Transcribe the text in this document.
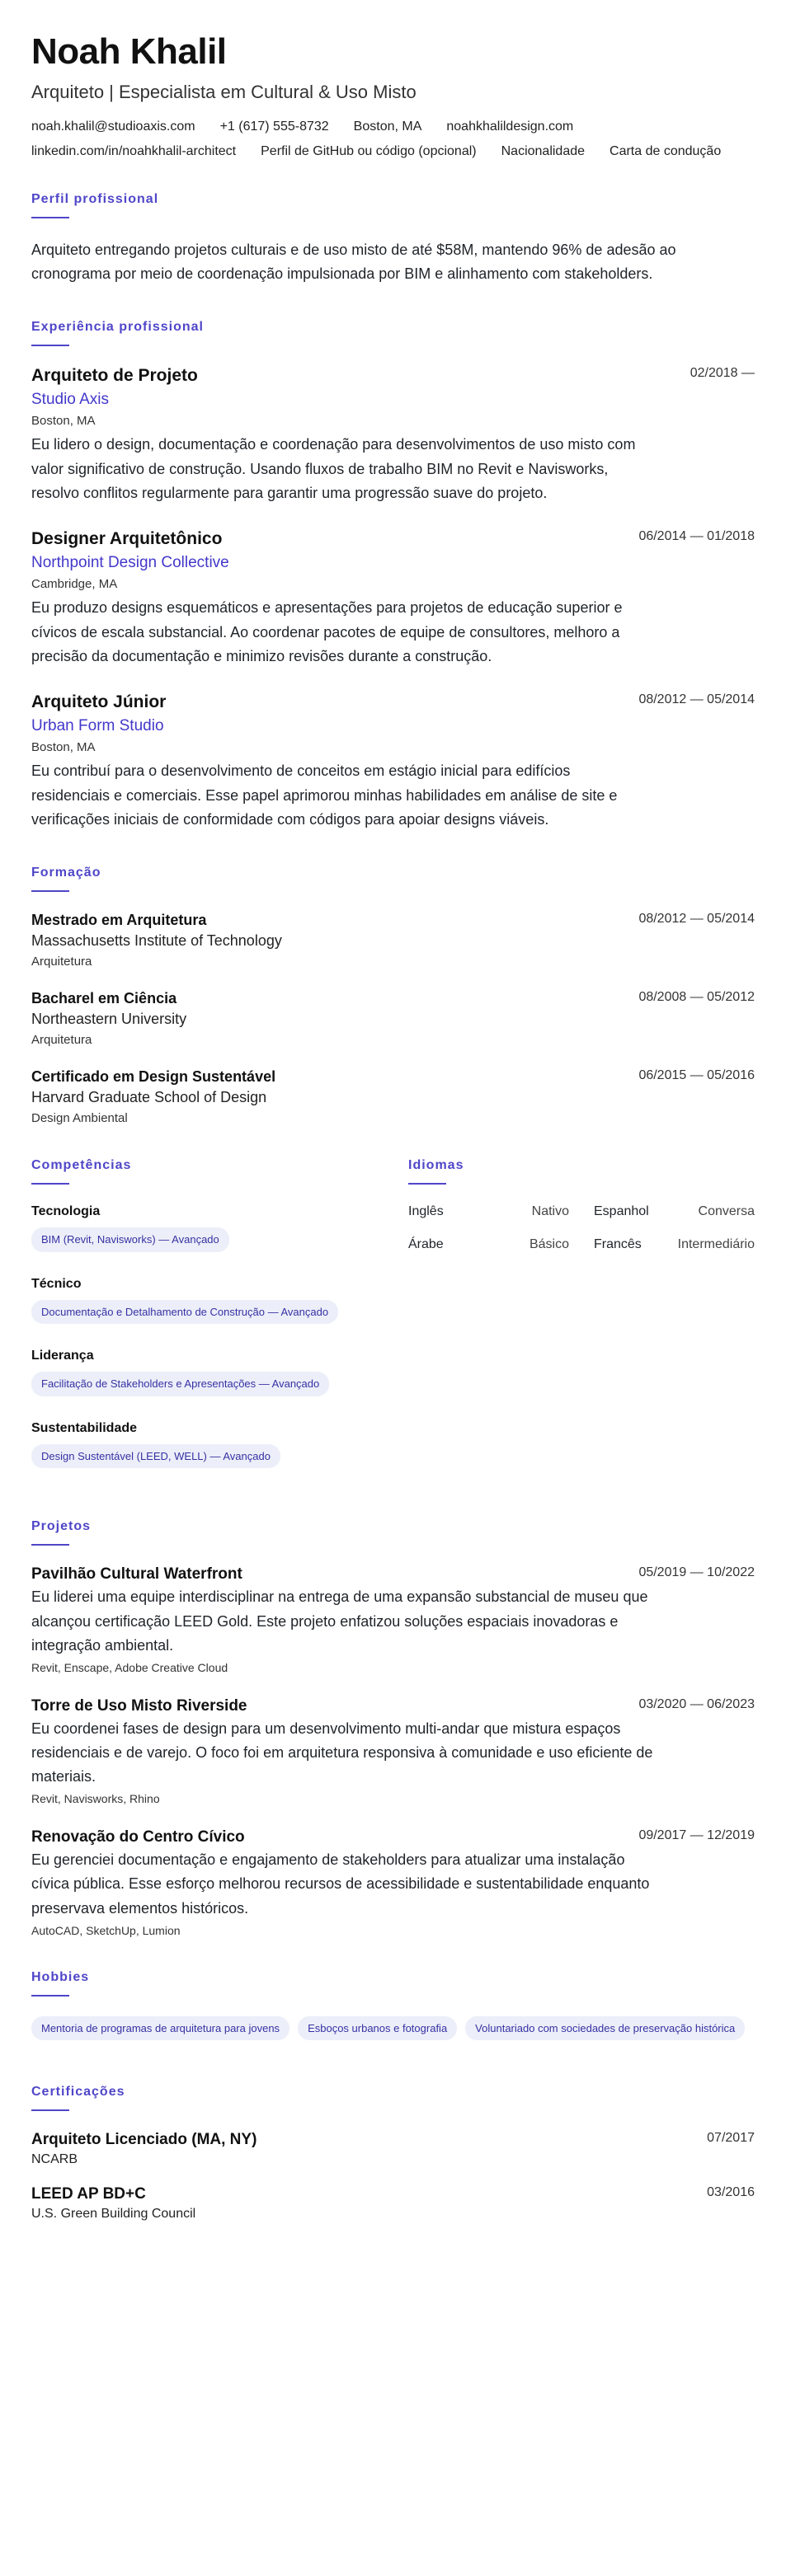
Noah Khalil
Arquiteto | Especialista em Cultural & Uso Misto
noah.khalil@studioaxis.com +1 (617) 555-8732 Boston, MA noahkhalildesign.com
linkedin.com/in/noahkhalil-architect Perfil de GitHub ou código (opcional) Nacionalidade Carta de condução
Perfil profissional
Arquiteto entregando projetos culturais e de uso misto de até $58M, mantendo 96% de adesão ao cronograma por meio de coordenação impulsionada por BIM e alinhamento com stakeholders.
Experiência profissional
Arquiteto de Projeto
Studio Axis
Boston, MA
Eu lidero o design, documentação e coordenação para desenvolvimentos de uso misto com valor significativo de construção. Usando fluxos de trabalho BIM no Revit e Navisworks, resolvo conflitos regularmente para garantir uma progressão suave do projeto.
02/2018 —
Designer Arquitetônico
Northpoint Design Collective
Cambridge, MA
Eu produzo designs esquemáticos e apresentações para projetos de educação superior e cívicos de escala substancial. Ao coordenar pacotes de equipe de consultores, melhoro a precisão da documentação e minimizo revisões durante a construção.
06/2014 — 01/2018
Arquiteto Júnior
Urban Form Studio
Boston, MA
Eu contribuí para o desenvolvimento de conceitos em estágio inicial para edifícios residenciais e comerciais. Esse papel aprimorou minhas habilidades em análise de site e verificações iniciais de conformidade com códigos para apoiar designs viáveis.
08/2012 — 05/2014
Formação
Mestrado em Arquitetura
Massachusetts Institute of Technology
Arquitetura
08/2012 — 05/2014
Bacharel em Ciência
Northeastern University
Arquitetura
08/2008 — 05/2012
Certificado em Design Sustentável
Harvard Graduate School of Design
Design Ambiental
06/2015 — 05/2016
Competências
Tecnologia
BIM (Revit, Navisworks) — Avançado
Técnico
Documentação e Detalhamento de Construção — Avançado
Liderança
Facilitação de Stakeholders e Apresentações — Avançado
Sustentabilidade
Design Sustentável (LEED, WELL) — Avançado
Idiomas
Inglês	Nativo Espanhol	Conversa
Árabe	Básico Francês	Intermediário
Projetos
Pavilhão Cultural Waterfront	05/2019 — 10/2022
Eu liderei uma equipe interdisciplinar na entrega de uma expansão substancial de museu que alcançou certificação LEED Gold. Este projeto enfatizou soluções espaciais inovadoras e integração ambiental.
Revit, Enscape, Adobe Creative Cloud
Torre de Uso Misto Riverside	03/2020 — 06/2023
Eu coordenei fases de design para um desenvolvimento multi-andar que mistura espaços residenciais e de varejo. O foco foi em arquitetura responsiva à comunidade e uso eficiente de materiais.
Revit, Navisworks, Rhino
Renovação do Centro Cívico	09/2017 — 12/2019
Eu gerenciei documentação e engajamento de stakeholders para atualizar uma instalação cívica pública. Esse esforço melhorou recursos de acessibilidade e sustentabilidade enquanto preservava elementos históricos.
AutoCAD, SketchUp, Lumion
Hobbies
Mentoria de programas de arquitetura para jovens	Esboços urbanos e fotografia	Voluntariado com sociedades de preservação histórica
Certificações
Arquiteto Licenciado (MA, NY)
NCARB
07/2017
LEED AP BD+C
U.S. Green Building Council
03/2016
